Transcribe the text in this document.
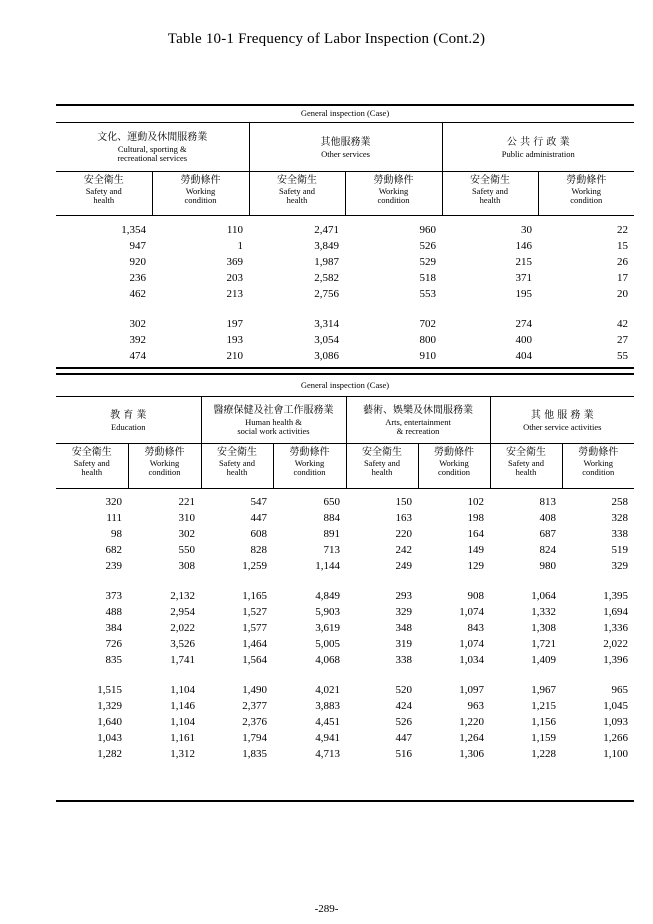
Table 10-1 Frequency of Labor Inspection (Cont.2)
General inspection (Case)
文化、運動及休閒服務業
Cultural, sporting &
recreational services

其他服務業
Other services

公 共 行 政 業
Public administration
安全衛生
Safety and
health

勞動條件
Working
condition

安全衛生
Safety and
health

勞動條件
Working
condition

安全衛生
Safety and
health

勞動條件
Working
condition
1,354	110	2,471	960	30	22
947	1	3,849	526	146	15
920	369	1,987	529	215	26
236	203	2,582	518	371	17
462	213	2,756	553	195	20

302	197	3,314	702	274	42
392	193	3,054	800	400	27
474	210	3,086	910	404	55
General inspection (Case)
教 育 業
Education

醫療保健及社會工作服務業
Human health &
social work activities

藝術、娛樂及休閒服務業
Arts, entertainment
& recreation

其 他 服 務 業
Other service activities
安全衛生
Safety and
health

勞動條件
Working
condition

安全衛生
Safety and
health

勞動條件
Working
condition

安全衛生
Safety and
health

勞動條件
Working
condition

安全衛生
Safety and
health

勞動條件
Working
condition
320	221	547	650	150	102	813	258
111	310	447	884	163	198	408	328
98	302	608	891	220	164	687	338
682	550	828	713	242	149	824	519
239	308	1,259	1,144	249	129	980	329

373	2,132	1,165	4,849	293	908	1,064	1,395
488	2,954	1,527	5,903	329	1,074	1,332	1,694
384	2,022	1,577	3,619	348	843	1,308	1,336
726	3,526	1,464	5,005	319	1,074	1,721	2,022
835	1,741	1,564	4,068	338	1,034	1,409	1,396

1,515	1,104	1,490	4,021	520	1,097	1,967	965
1,329	1,146	2,377	3,883	424	963	1,215	1,045
1,640	1,104	2,376	4,451	526	1,220	1,156	1,093
1,043	1,161	1,794	4,941	447	1,264	1,159	1,266
1,282	1,312	1,835	4,713	516	1,306	1,228	1,100
-289-
